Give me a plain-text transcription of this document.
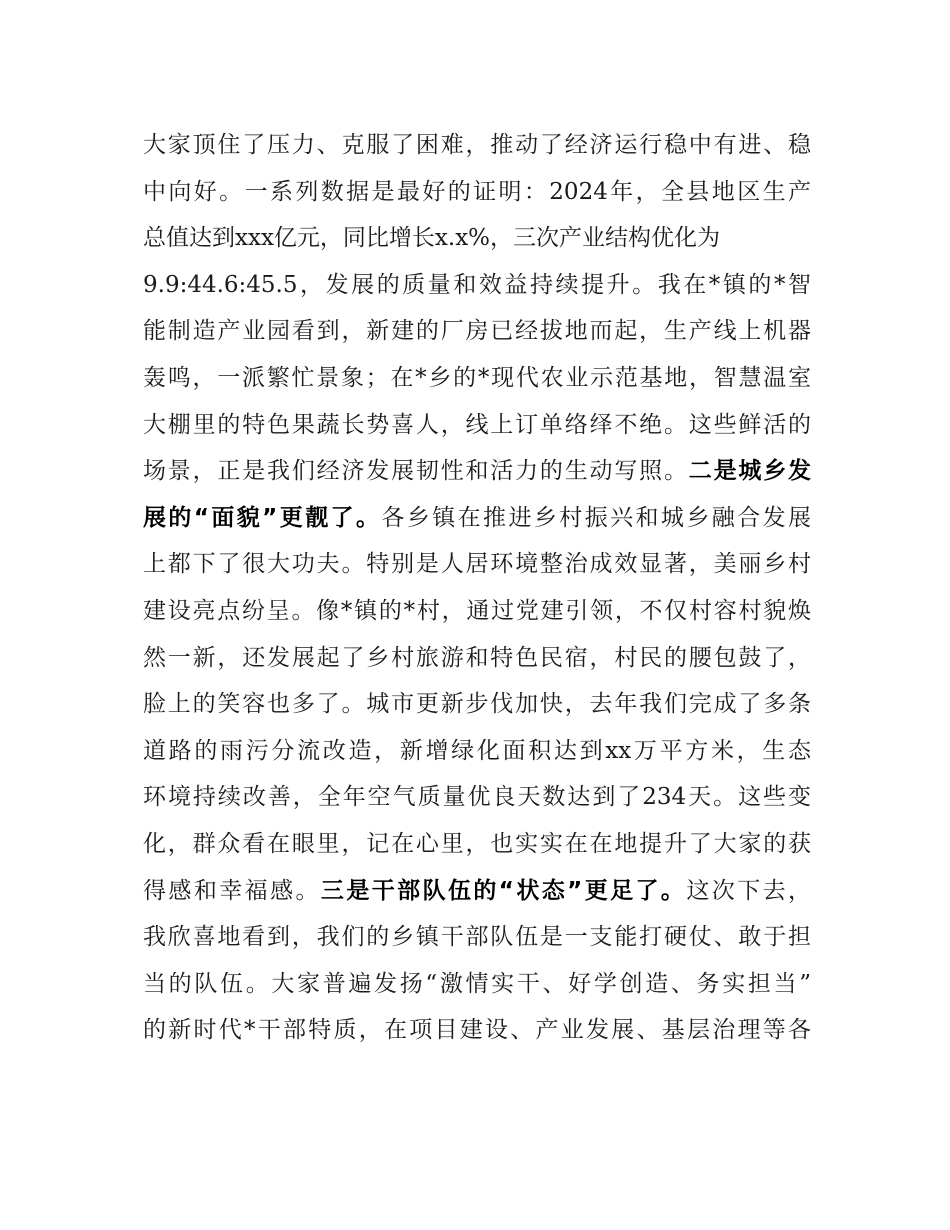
大家顶住了压力、克服了困难，推动了经济运行稳中有进、稳
中向好。一系列数据是最好的证明：2024年，全县地区生产
总值达到xxx亿元，同比增长x.x%，三次产业结构优化为
9.9:44.6:45.5，发展的质量和效益持续提升。我在*镇的*智
能制造产业园看到，新建的厂房已经拔地而起，生产线上机器
轰鸣，一派繁忙景象；在*乡的*现代农业示范基地，智慧温室
大棚里的特色果蔬长势喜人，线上订单络绎不绝。这些鲜活的
场景，正是我们经济发展韧性和活力的生动写照。二是城乡发
展的“面貌”更靓了。各乡镇在推进乡村振兴和城乡融合发展
上都下了很大功夫。特别是人居环境整治成效显著，美丽乡村
建设亮点纷呈。像*镇的*村，通过党建引领，不仅村容村貌焕
然一新，还发展起了乡村旅游和特色民宿，村民的腰包鼓了，
脸上的笑容也多了。城市更新步伐加快，去年我们完成了多条
道路的雨污分流改造，新增绿化面积达到xx万平方米，生态
环境持续改善，全年空气质量优良天数达到了234天。这些变
化，群众看在眼里，记在心里，也实实在在地提升了大家的获
得感和幸福感。三是干部队伍的“状态”更足了。这次下去，
我欣喜地看到，我们的乡镇干部队伍是一支能打硬仗、敢于担
当的队伍。大家普遍发扬“激情实干、好学创造、务实担当”
的新时代*干部特质，在项目建设、产业发展、基层治理等各
